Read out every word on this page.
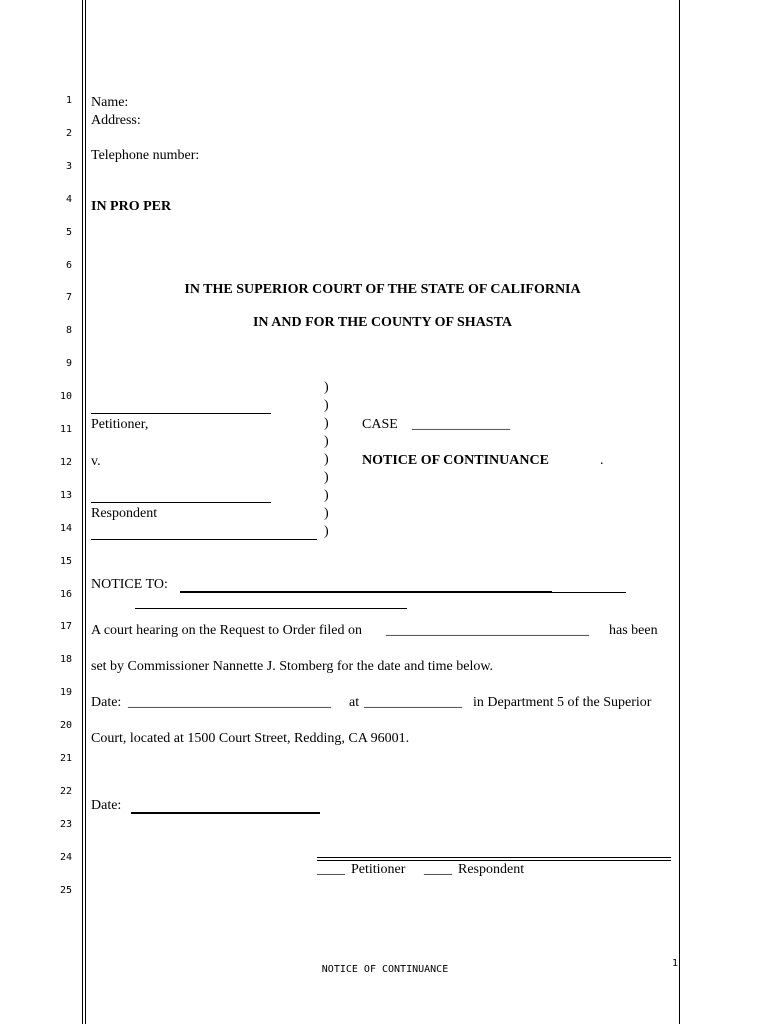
1
2
3
4
5
6
7
8
9
10
11
12
13
14
15
16
17
18
19
20
21
22
23
24
25
Name:
Address:
Telephone number:
IN PRO PER
IN THE SUPERIOR COURT OF THE STATE OF CALIFORNIA
IN AND FOR THE COUNTY OF SHASTA
Petitioner,
v.
Respondent
)
)
)
)
)
)
)
)
)
CASE ______________
NOTICE OF CONTINUANCE	.
NOTICE TO:
A court hearing on the Request to Order filed on _____________________________ has been
set by Commissioner Nannette J. Stomberg for the date and time below.
Date: _____________________________ at ______________ in Department 5 of the Superior
Court, located at 1500 Court Street, Redding, CA 96001.
Date:
____ Petitioner ____ Respondent
NOTICE OF CONTINUANCE
1
